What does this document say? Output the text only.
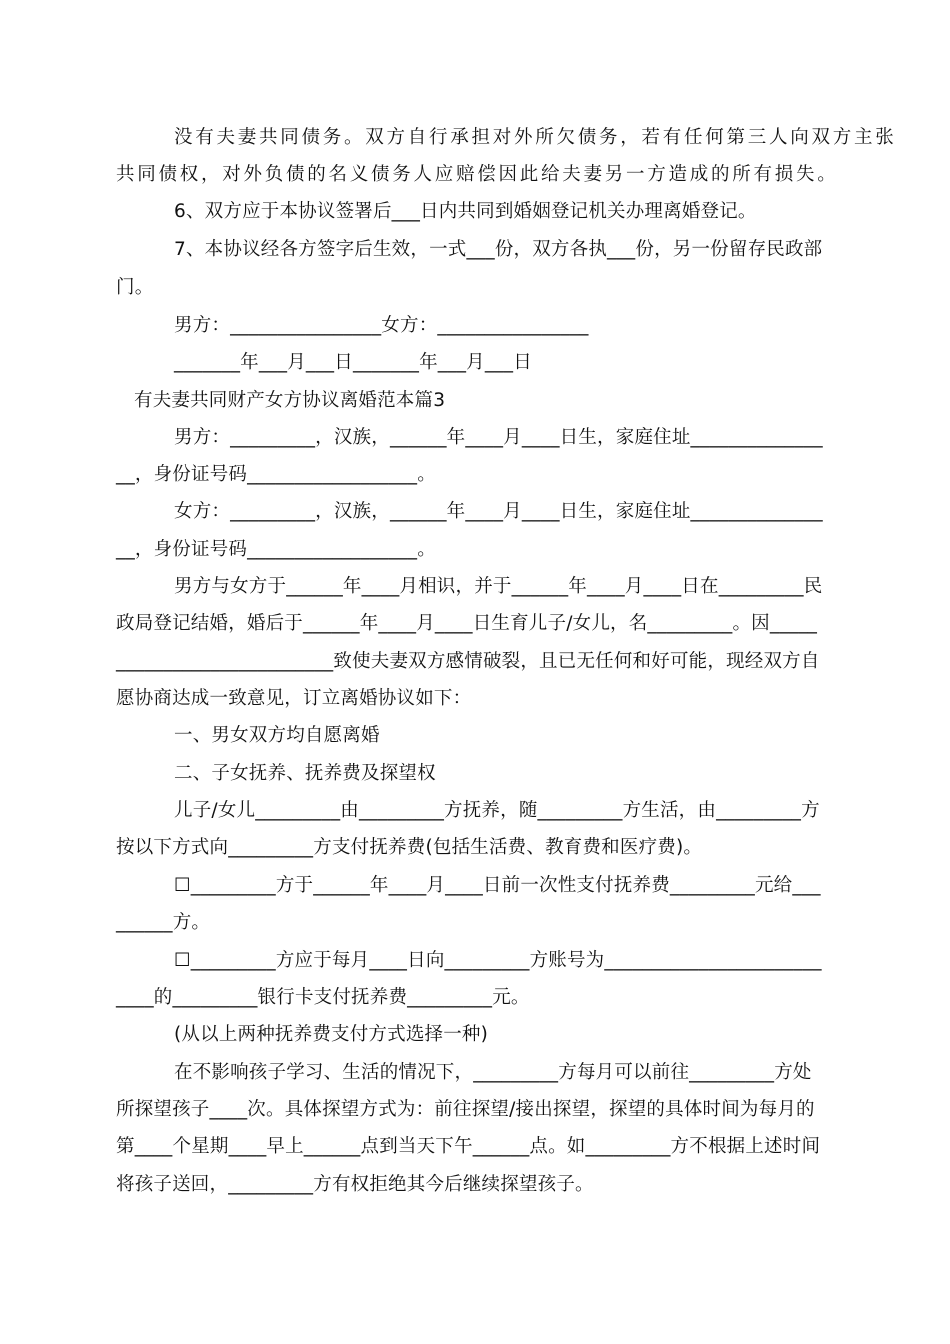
没有夫妻共同债务。双方自行承担对外所欠债务，若有任何第三人向双方主张
共同债权，对外负债的名义债务人应赔偿因此给夫妻另一方造成的所有损失。
6、双方应于本协议签署后___日内共同到婚姻登记机关办理离婚登记。
7、本协议经各方签字后生效，一式___份，双方各执___份，另一份留存民政部
门。
男方：________________女方：________________
_______年___月___日_______年___月___日
有夫妻共同财产女方协议离婚范本篇3
男方：_________，汉族，______年____月____日生，家庭住址______________
__，身份证号码__________________。
女方：_________，汉族，______年____月____日生，家庭住址______________
__，身份证号码__________________。
男方与女方于______年____月相识，并于______年____月____日在_________民
政局登记结婚，婚后于______年____月____日生育儿子/女儿，名_________。因_____
_______________________致使夫妻双方感情破裂，且已无任何和好可能，现经双方自
愿协商达成一致意见，订立离婚协议如下：
一、男女双方均自愿离婚
二、子女抚养、抚养费及探望权
儿子/女儿_________由_________方抚养，随_________方生活，由_________方
按以下方式向_________方支付抚养费(包括生活费、教育费和医疗费)。
☐_________方于______年____月____日前一次性支付抚养费_________元给___
______方。
☐_________方应于每月____日向_________方账号为_______________________
____的_________银行卡支付抚养费_________元。
(从以上两种抚养费支付方式选择一种)
在不影响孩子学习、生活的情况下，_________方每月可以前往_________方处
所探望孩子____次。具体探望方式为：前往探望/接出探望，探望的具体时间为每月的
第____个星期____早上______点到当天下午______点。如_________方不根据上述时间
将孩子送回，_________方有权拒绝其今后继续探望孩子。
